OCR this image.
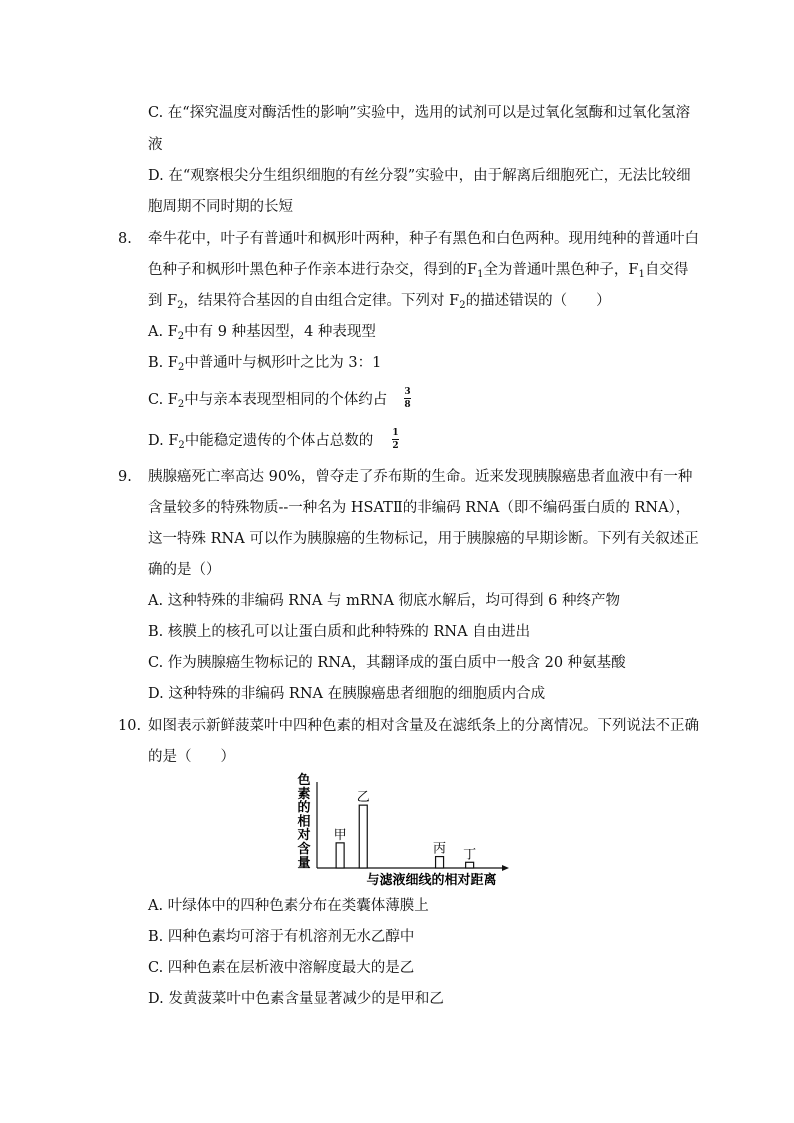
C. 在“探究温度对酶活性的影响”实验中，选用的试剂可以是过氧化氢酶和过氧化氢溶
液
D. 在“观察根尖分生组织细胞的有丝分裂”实验中，由于解离后细胞死亡，无法比较细
胞周期不同时期的长短
8. 牵牛花中，叶子有普通叶和枫形叶两种，种子有黑色和白色两种。现用纯种的普通叶白
色种子和枫形叶黑色种子作亲本进行杂交，得到的$F_1$全为普通叶黑色种子，$F_1$自交得
到 $F_2$，结果符合基因的自由组合定律。下列对 $F_2$的描述错误的（　　）
A. $F_2$中有 9 种基因型，4 种表现型
B. $F_2$中普通叶与枫形叶之比为 3：1
C. $F_2$中与亲本表现型相同的个体约占 3
8
D. $F_2$中能稳定遗传的个体占总数的 1
2
9. 胰腺癌死亡率高达 90%，曾夺走了乔布斯的生命。近来发现胰腺癌患者血液中有一种
含量较多的特殊物质--一种名为 HSATⅡ的非编码 RNA（即不编码蛋白质的 RNA），
这一特殊 RNA 可以作为胰腺癌的生物标记，用于胰腺癌的早期诊断。下列有关叙述正
确的是（）
A. 这种特殊的非编码 RNA 与 mRNA 彻底水解后，均可得到 6 种终产物
B. 核膜上的核孔可以让蛋白质和此种特殊的 RNA 自由进出
C. 作为胰腺癌生物标记的 RNA，其翻译成的蛋白质中一般含 20 种氨基酸
D. 这种特殊的非编码 RNA 在胰腺癌患者细胞的细胞质内合成
10. 如图表示新鲜菠菜叶中四种色素的相对含量及在滤纸条上的分离情况。下列说法不正确
的是（　　）
色
素
的
相
对
含
量
甲
乙
丙 丁
与滤液细线的相对距离
A. 叶绿体中的四种色素分布在类囊体薄膜上
B. 四种色素均可溶于有机溶剂无水乙醇中
C. 四种色素在层析液中溶解度最大的是乙
D. 发黄菠菜叶中色素含量显著减少的是甲和乙
